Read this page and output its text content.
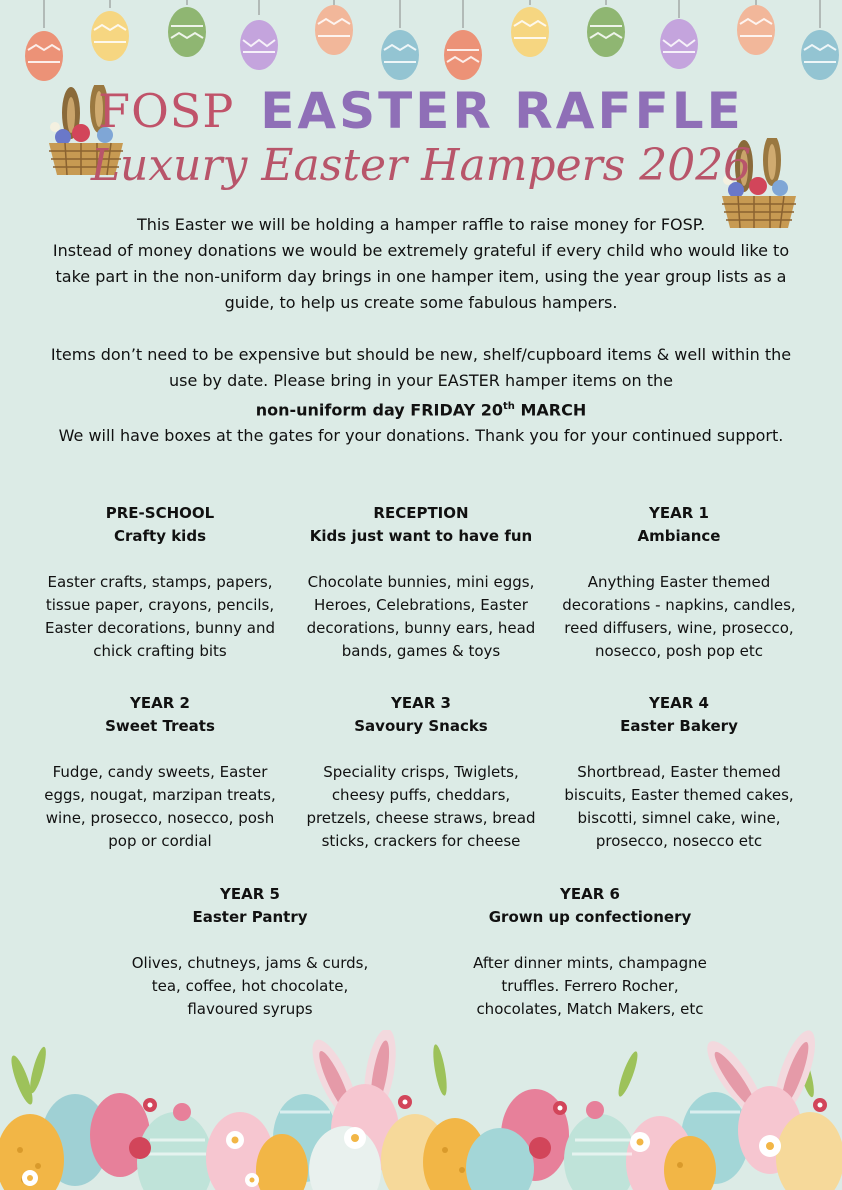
FOSP EASTER RAFFLE
Luxury Easter Hampers 2026

This Easter we will be holding a hamper raffle to raise money for FOSP.

Instead of money donations we would be extremely grateful if every child who would like to take part in the non-uniform day brings in one hamper item, using the year group lists as a guide, to help us create some fabulous hampers.

Items don’t need to be expensive but should be new, shelf/cupboard items & well within the use by date. Please bring in your EASTER hamper items on the

non-uniform day FRIDAY 20th MARCH

We will have boxes at the gates for your donations. Thank you for your continued support.

PRE-SCHOOL
Crafty kids
Easter crafts, stamps, papers, tissue paper, crayons, pencils, Easter decorations, bunny and chick crafting bits
RECEPTION
Kids just want to have fun
Chocolate bunnies, mini eggs, Heroes, Celebrations, Easter decorations, bunny ears, head bands, games & toys
YEAR 1
Ambiance
Anything Easter themed decorations - napkins, candles, reed diffusers, wine, prosecco, nosecco, posh pop etc
YEAR 2
Sweet Treats
Fudge, candy sweets, Easter eggs, nougat, marzipan treats, wine, prosecco, nosecco, posh pop or cordial
YEAR 3
Savoury Snacks
Speciality crisps, Twiglets, cheesy puffs, cheddars, pretzels, cheese straws, bread sticks, crackers for cheese
YEAR 4
Easter Bakery
Shortbread, Easter themed biscuits, Easter themed cakes, biscotti, simnel cake, wine, prosecco, nosecco etc
YEAR 5
Easter Pantry
Olives, chutneys, jams & curds, tea, coffee, hot chocolate, flavoured syrups
YEAR 6
Grown up confectionery
After dinner mints, champagne truffles. Ferrero Rocher, chocolates, Match Makers, etc
